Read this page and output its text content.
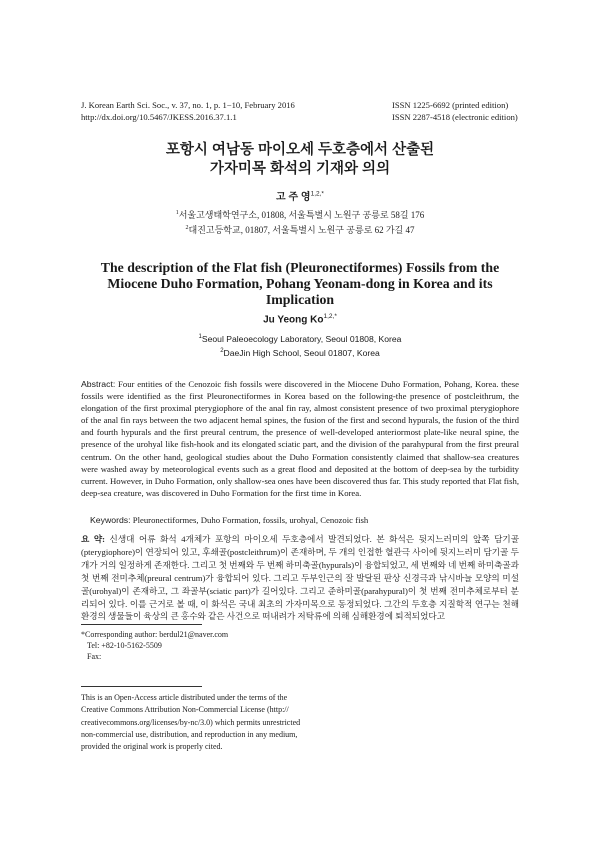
J. Korean Earth Sci. Soc., v. 37, no. 1, p. 1−10, February 2016
http://dx.doi.org/10.5467/JKESS.2016.37.1.1
ISSN 1225-6692 (printed edition)
ISSN 2287-4518 (electronic edition)
포항시 여남동 마이오세 두호층에서 산출된
가자미목 화석의 기재와 의의
고 주 영$^{1,2,*}$
$^1$서울고생태학연구소, 01808, 서울특별시 노원구 공릉로 58길 176
$^2$대진고등학교, 01807, 서울특별시 노원구 공릉로 62 가길 47
The description of the Flat fish (Pleuronectiformes) Fossils from the Miocene Duho Formation, Pohang Yeonam-dong in Korea and its Implication
Ju Yeong $Ko^{1,2,*}$
$^1$Seoul Paleoecology Laboratory, Seoul 01808, Korea
$^2$DaeJin High School, Seoul 01807, Korea
Abstract: Four entities of the Cenozoic fish fossils were discovered in the Miocene Duho Formation, Pohang, Korea. these fossils were identified as the first Pleuronectiformes in Korea based on the following-the presence of postcleithrum, the elongation of the first proximal pterygiophore of the anal fin ray, almost consistent presence of two proximal pterygiophore of the anal fin rays between the two adjacent hemal spines, the fusion of the first and second hypurals, the fusion of the third and fourth hypurals and the first preural centrum, the presence of well-developed anteriormost plate-like neural spine, the presence of the urohyal like fish-hook and its elongated sciatic part, and the division of the parahypural from the first preural centrum. On the other hand, geological studies about the Duho Formation consistently claimed that shallow-sea creatures were washed away by meteorological events such as a great flood and deposited at the bottom of deep-sea by the turbidity current. However, in Duho Formation, only shallow-sea ones have been discovered thus far. This study reported that Flat fish, deep-sea creature, was discovered in Duho Formation for the first time in Korea.
Keywords: Pleuronectiformes, Duho Formation, fossils, urohyal, Cenozoic fish
요 약: 신생대 어류 화석 4개체가 포항의 마이오세 두호층에서 발견되었다. 본 화석은 뒷지느러미의 앞쪽 담기골(pterygiophore)이 연장되어 있고, 후쇄골(postcleithrum)이 존재하며, 두 개의 인접한 혈관극 사이에 뒷지느러미 담기골 두개가 거의 일정하게 존재한다. 그리고 첫 번째와 두 번째 하미축골(hypurals)이 융합되었고, 세 번째와 네 번째 하미축골과 첫 번째 전미추체(preural centrum)가 융합되어 있다. 그리고 두부인근의 잘 발달된 판상 신경극과 낚시바늘 모양의 미설골(urohyal)이 존재하고, 그 좌골부(sciatic part)가 길어있다. 그리고 준하미골(parahypural)이 첫 번째 전미추체로부터 분리되어 있다. 이를 근거로 볼 때, 이 화석은 국내 최초의 가자미목으로 동정되었다. 그간의 두호층 지질학적 연구는 천해환경의 생물들이 육상의 큰 홍수와 같은 사건으로 떠내려가 저탁류에 의해 심해환경에 퇴적되었다고
*Corresponding author: berdul21@naver.com
Tel: +82-10-5162-5509
Fax:
This is an Open-Access article distributed under the terms of the
Creative Commons Attribution Non-Commercial License (http://
creativecommons.org/licenses/by-nc/3.0) which permits unrestricted
non-commercial use, distribution, and reproduction in any medium,
provided the original work is properly cited.
